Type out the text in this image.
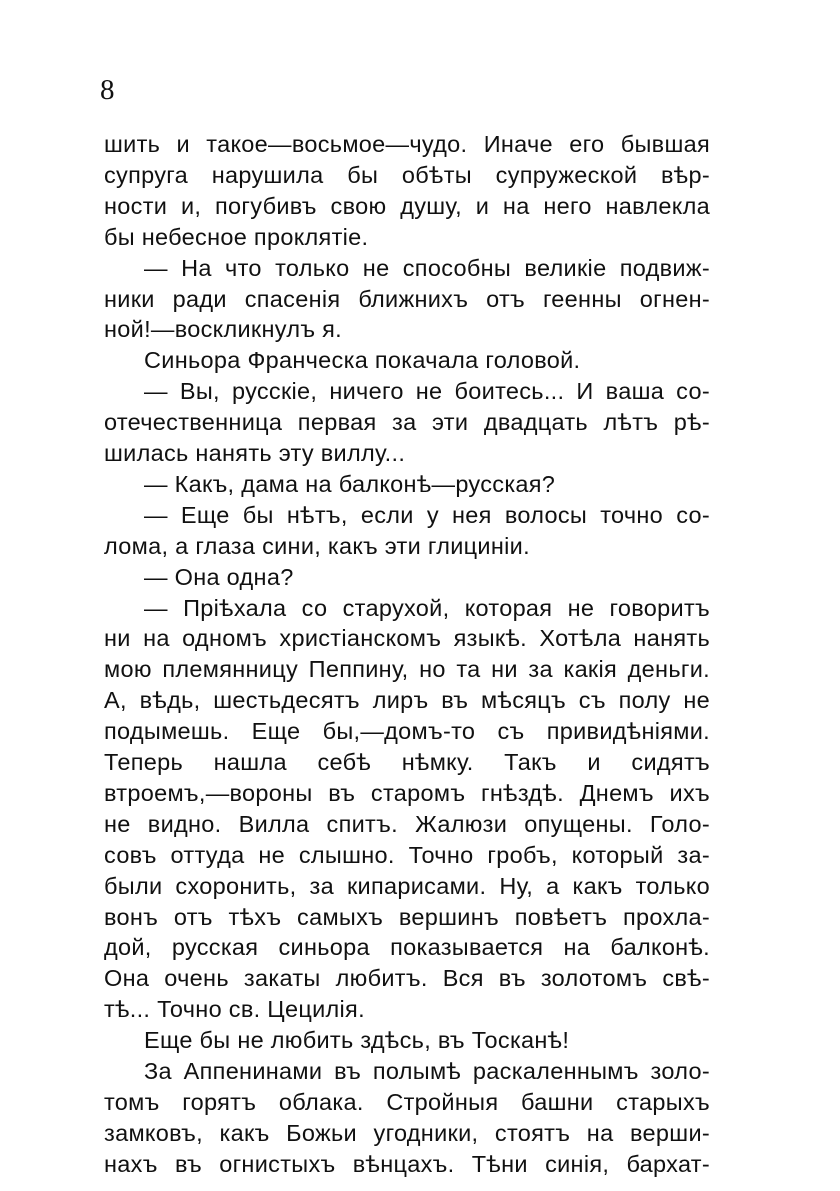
8
шить и такое—восьмое—чудо. Иначе его бывшая
супруга нарушила бы обѣты супружеской вѣр-
ности и, погубивъ свою душу, и на него навлекла
бы небесное проклятіе.
— На что только не способны великіе подвиж-
ники ради спасенія ближнихъ отъ геенны огнен-
ной!—воскликнулъ я.
Синьора Франческа покачала головой.
— Вы, русскіе, ничего не боитесь... И ваша со-
отечественница первая за эти двадцать лѣтъ рѣ-
шилась нанять эту виллу...
— Какъ, дама на балконѣ—русская?
— Еще бы нѣтъ, если у нея волосы точно со-
лома, а глаза сини, какъ эти глициніи.
— Она одна?
— Пріѣхала со старухой, которая не говоритъ
ни на одномъ христіанскомъ языкѣ. Хотѣла нанять
мою племянницу Пеппину, но та ни за какія деньги.
А, вѣдь, шестьдесятъ лиръ въ мѣсяцъ съ полу не
подымешь. Еще бы,—домъ-то съ привидѣніями.
Теперь нашла себѣ нѣмку. Такъ и сидятъ
втроемъ,—вороны въ старомъ гнѣздѣ. Днемъ ихъ
не видно. Вилла спитъ. Жалюзи опущены. Голо-
совъ оттуда не слышно. Точно гробъ, который за-
были схоронить, за кипарисами. Ну, а какъ только
вонъ отъ тѣхъ самыхъ вершинъ повѣетъ прохла-
дой, русская синьора показывается на балконѣ.
Она очень закаты любитъ. Вся въ золотомъ свѣ-
тѣ... Точно св. Цецилія.
Еще бы не любить здѣсь, въ Тосканѣ!
За Аппенинами въ полымѣ раскаленнымъ золо-
томъ горятъ облака. Стройныя башни старыхъ
замковъ, какъ Божьи угодники, стоятъ на верши-
нахъ въ огнистыхъ вѣнцахъ. Тѣни синія, бархат-
